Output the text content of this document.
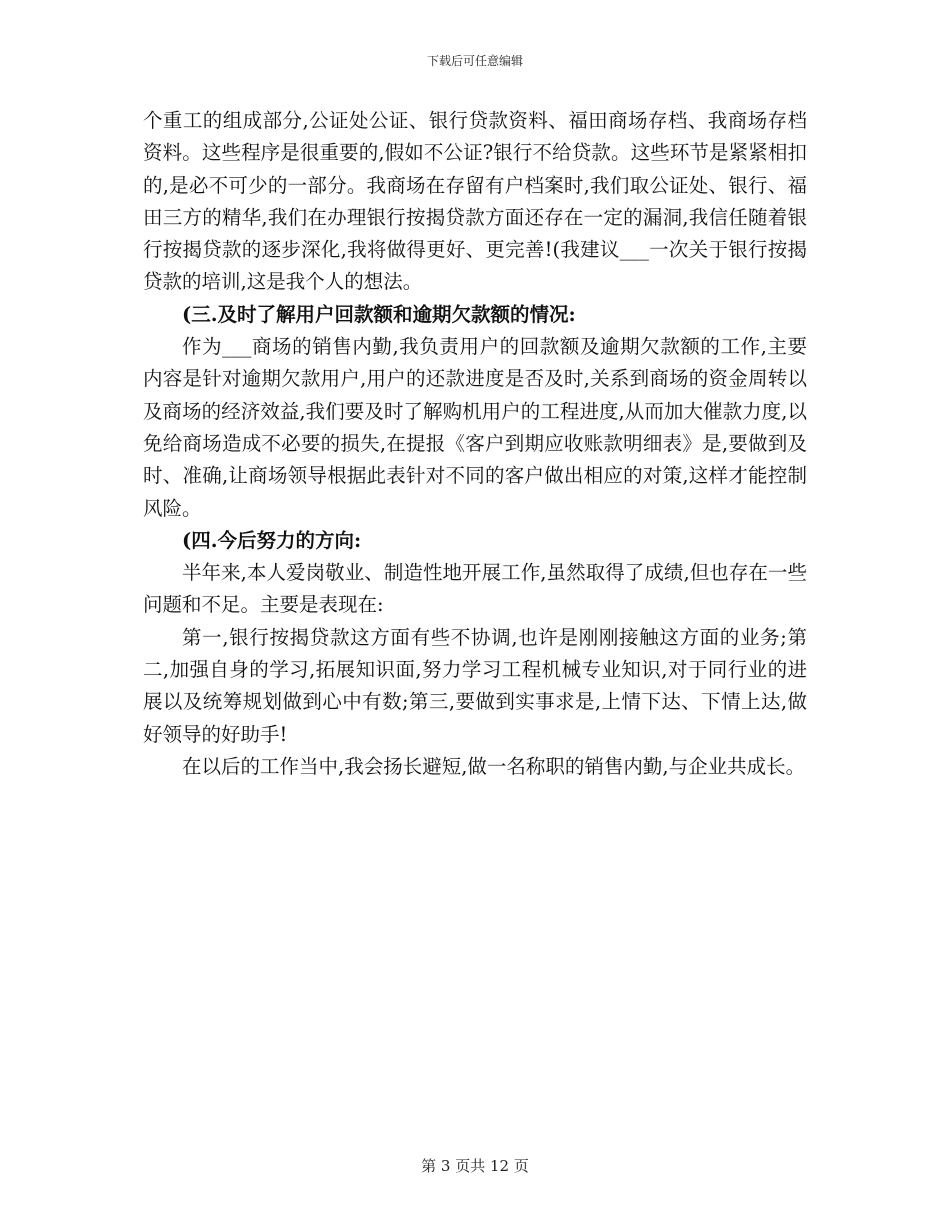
下载后可任意编辑

个重工的组成部分,公证处公证、银行贷款资料、福田商场存档、我商场存档资料。这些程序是很重要的,假如不公证?银行不给贷款。这些环节是紧紧相扣的,是必不可少的一部分。我商场在存留有户档案时,我们取公证处、银行、福田三方的精华,我们在办理银行按揭贷款方面还存在一定的漏洞,我信任随着银行按揭贷款的逐步深化,我将做得更好、更完善!(我建议___一次关于银行按揭贷款的培训,这是我个人的想法。

(三.及时了解用户回款额和逾期欠款额的情况:

作为___商场的销售内勤,我负责用户的回款额及逾期欠款额的工作,主要内容是针对逾期欠款用户,用户的还款进度是否及时,关系到商场的资金周转以及商场的经济效益,我们要及时了解购机用户的工程进度,从而加大催款力度,以免给商场造成不必要的损失,在提报《客户到期应收账款明细表》是,要做到及时、准确,让商场领导根据此表针对不同的客户做出相应的对策,这样才能控制风险。

(四.今后努力的方向:

半年来,本人爱岗敬业、制造性地开展工作,虽然取得了成绩,但也存在一些问题和不足。主要是表现在:

第一,银行按揭贷款这方面有些不协调,也许是刚刚接触这方面的业务;第二,加强自身的学习,拓展知识面,努力学习工程机械专业知识,对于同行业的进展以及统筹规划做到心中有数;第三,要做到实事求是,上情下达、下情上达,做好领导的好助手!

在以后的工作当中,我会扬长避短,做一名称职的销售内勤,与企业共成长。

第 3 页共 12 页
